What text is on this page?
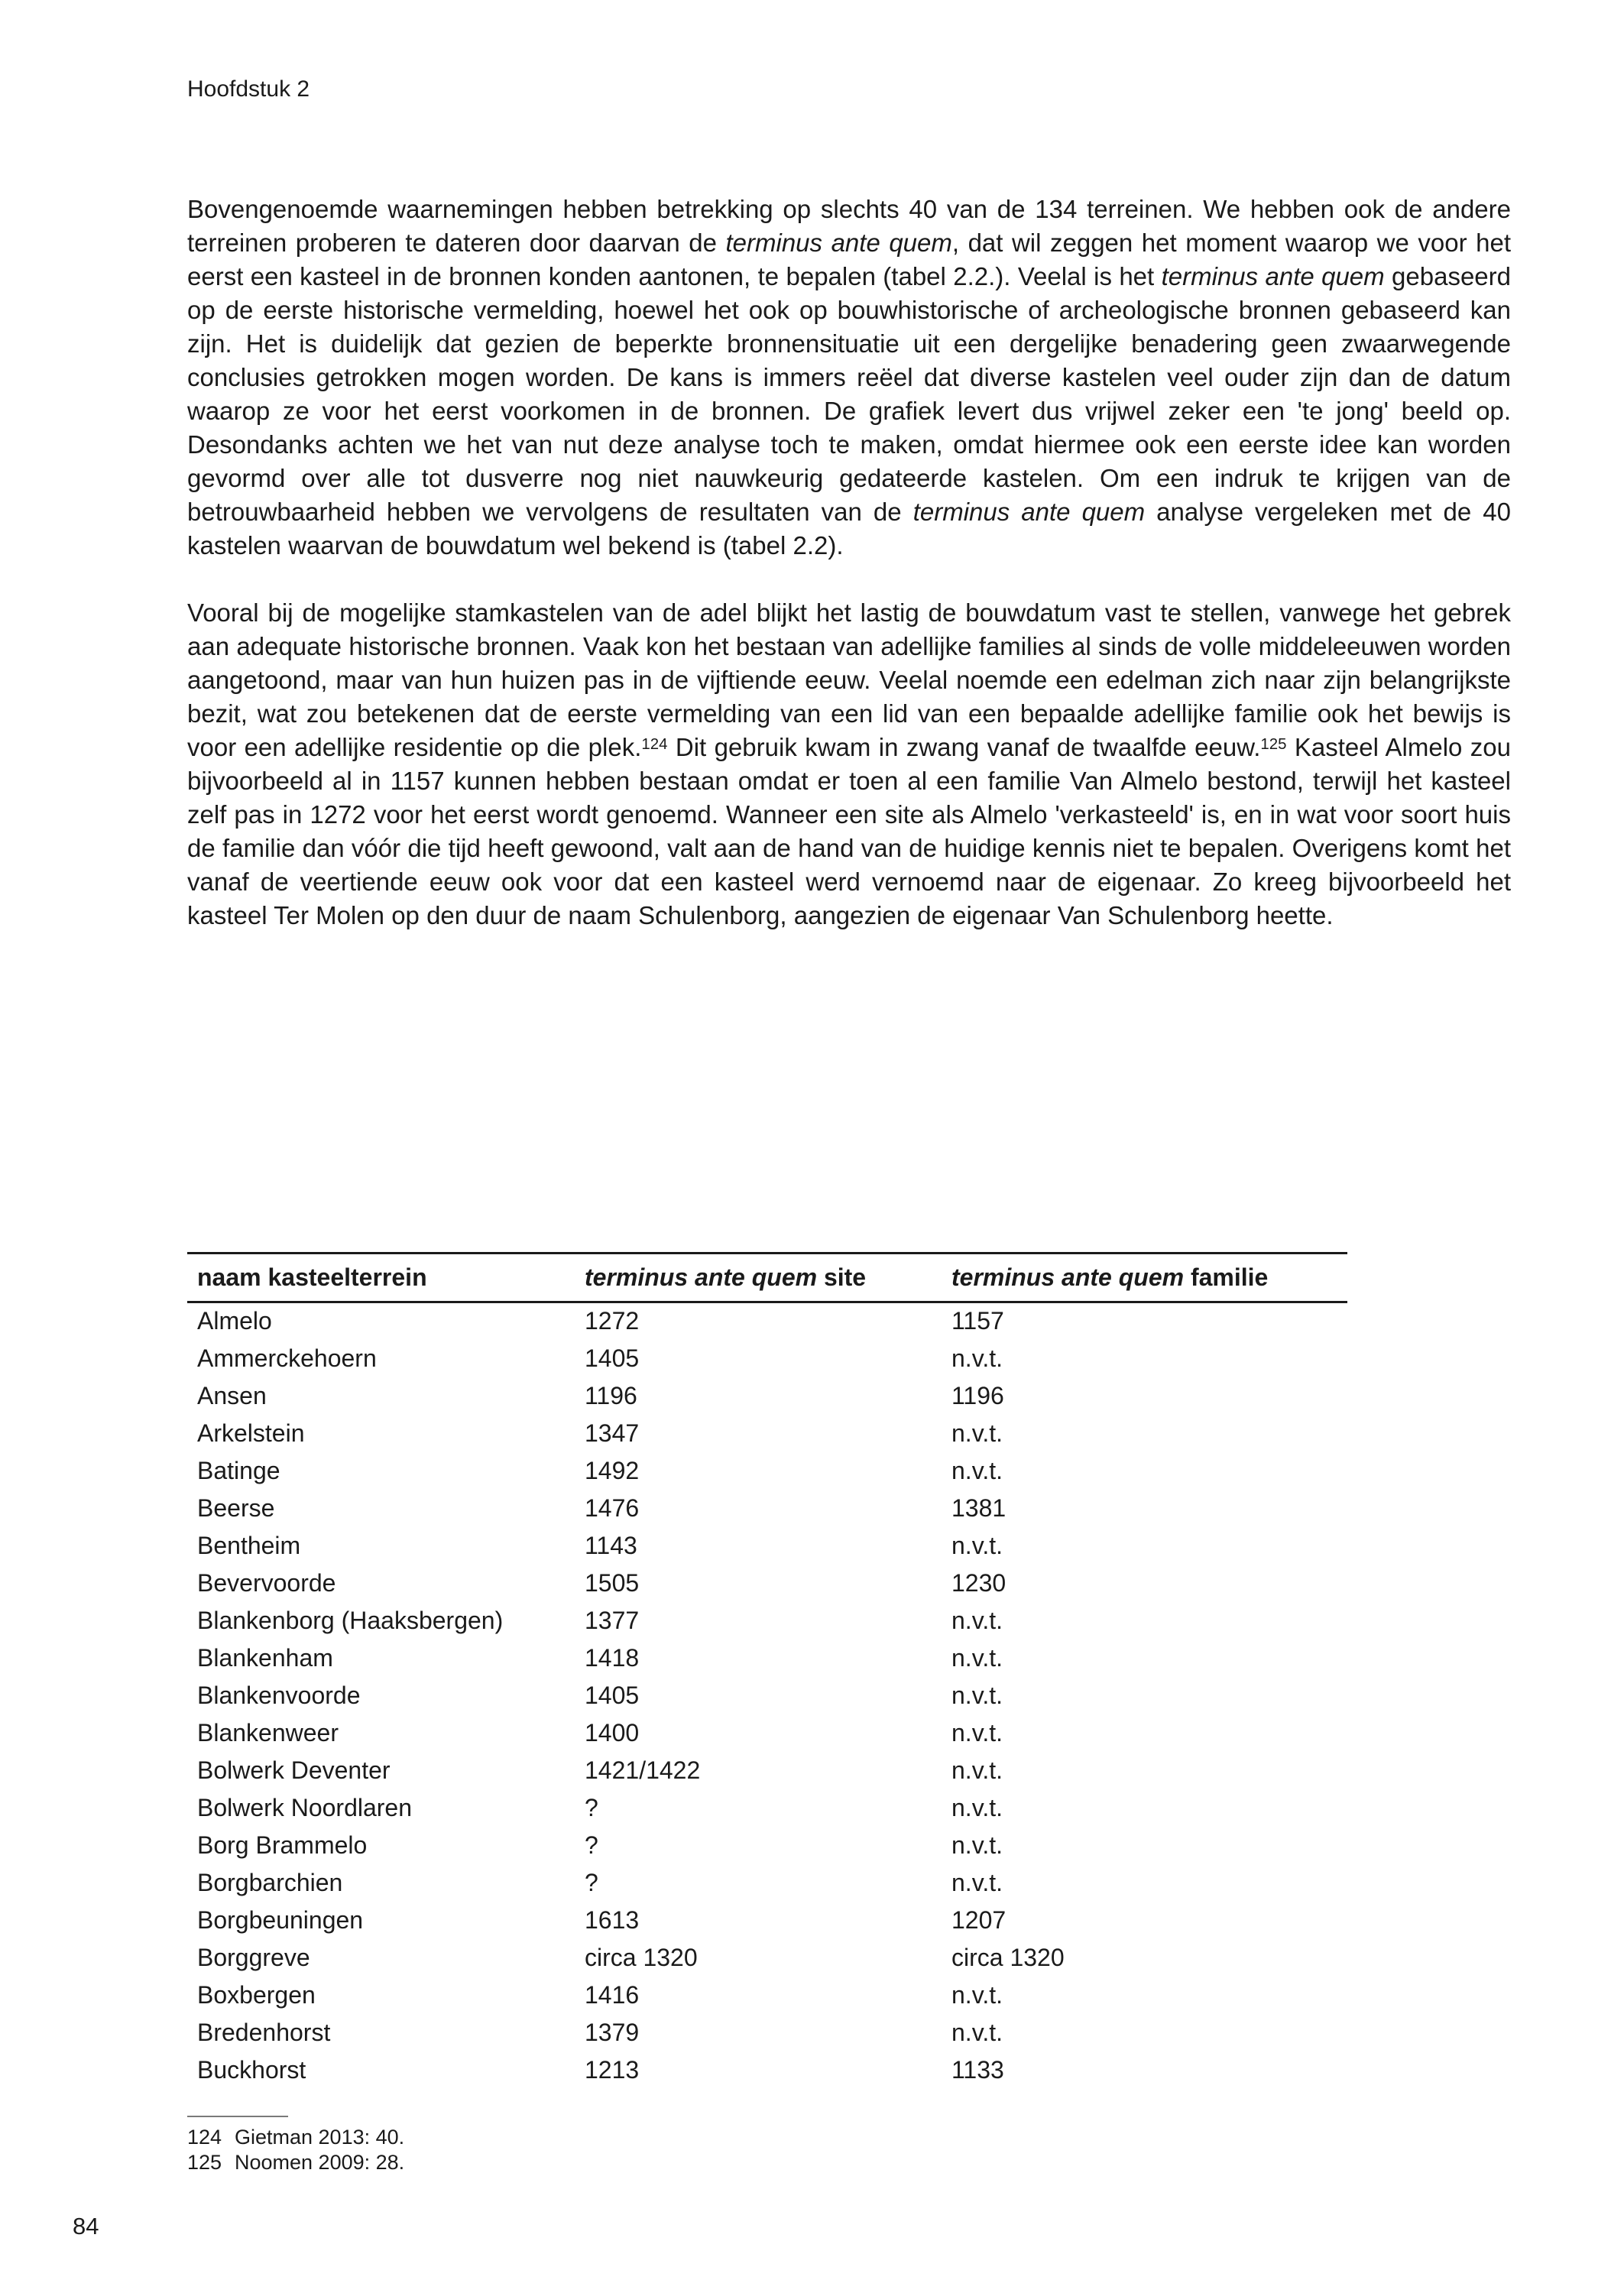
Hoofdstuk 2

Bovengenoemde waarnemingen hebben betrekking op slechts 40 van de 134 terreinen. We hebben ook de andere terreinen proberen te dateren door daarvan de terminus ante quem, dat wil zeggen het moment waarop we voor het eerst een kasteel in de bronnen konden aantonen, te bepalen (tabel 2.2.). Veelal is het terminus ante quem gebaseerd op de eerste historische vermelding, hoewel het ook op bouwhistorische of archeologische bronnen gebaseerd kan zijn. Het is duidelijk dat gezien de beperkte bronnensituatie uit een dergelijke benadering geen zwaarwegende conclusies getrokken mogen worden. De kans is immers reëel dat diverse kastelen veel ouder zijn dan de datum waarop ze voor het eerst voorkomen in de bronnen. De grafiek levert dus vrijwel zeker een 'te jong' beeld op. Desondanks achten we het van nut deze analyse toch te maken, omdat hiermee ook een eerste idee kan worden gevormd over alle tot dusverre nog niet nauwkeurig gedateerde kastelen. Om een indruk te krijgen van de betrouwbaarheid hebben we vervolgens de resultaten van de terminus ante quem analyse vergeleken met de 40 kastelen waarvan de bouwdatum wel bekend is (tabel 2.2).

Vooral bij de mogelijke stamkastelen van de adel blijkt het lastig de bouwdatum vast te stellen, vanwege het gebrek aan adequate historische bronnen. Vaak kon het bestaan van adellijke families al sinds de volle middeleeuwen worden aangetoond, maar van hun huizen pas in de vijftiende eeuw. Veelal noemde een edelman zich naar zijn belangrijkste bezit, wat zou betekenen dat de eerste vermelding van een lid van een bepaalde adellijke familie ook het bewijs is voor een adellijke residentie op die plek.$^{124}$ Dit gebruik kwam in zwang vanaf de twaalfde eeuw.$^{125}$ Kasteel Almelo zou bijvoorbeeld al in 1157 kunnen hebben bestaan omdat er toen al een familie Van Almelo bestond, terwijl het kasteel zelf pas in 1272 voor het eerst wordt genoemd. Wanneer een site als Almelo 'verkasteeld' is, en in wat voor soort huis de familie dan vóór die tijd heeft gewoond, valt aan de hand van de huidige kennis niet te bepalen. Overigens komt het vanaf de veertiende eeuw ook voor dat een kasteel werd vernoemd naar de eigenaar. Zo kreeg bijvoorbeeld het kasteel Ter Molen op den duur de naam Schulenborg, aangezien de eigenaar Van Schulenborg heette.

naam kasteelterrein	terminus ante quem site	terminus ante quem familie
Almelo	1272	1157
Ammerckehoern	1405	n.v.t.
Ansen	1196	1196
Arkelstein	1347	n.v.t.
Batinge	1492	n.v.t.
Beerse	1476	1381
Bentheim	1143	n.v.t.
Bevervoorde	1505	1230
Blankenborg (Haaksbergen)	1377	n.v.t.
Blankenham	1418	n.v.t.
Blankenvoorde	1405	n.v.t.
Blankenweer	1400	n.v.t.
Bolwerk Deventer	1421/1422	n.v.t.
Bolwerk Noordlaren	?	n.v.t.
Borg Brammelo	?	n.v.t.
Borgbarchien	?	n.v.t.
Borgbeuningen	1613	1207
Borggreve	circa 1320	circa 1320
Boxbergen	1416	n.v.t.
Bredenhorst	1379	n.v.t.
Buckhorst	1213	1133
124 Gietman 2013: 40.
125 Noomen 2009: 28.
84
